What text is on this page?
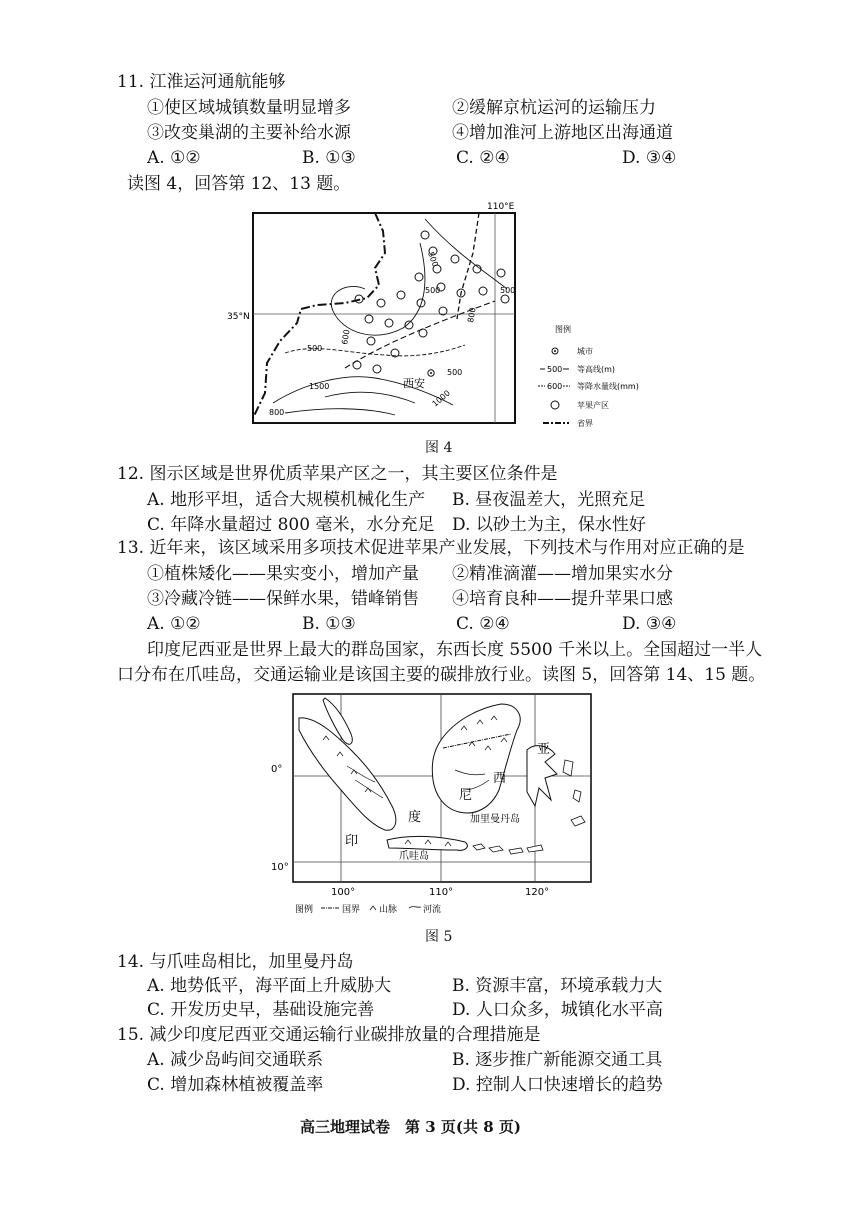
11. 江淮运河通航能够
①使区域城镇数量明显增多	②缓解京杭运河的运输压力
③改变巢湖的主要补给水源	④增加淮河上游地区出海通道
A. ①②	B. ①③	C. ②④	D. ③④
读图 4，回答第 12、13 题。
110°E
35°N
500
500	500
500
800
600
1500
1000
800
500
西安
图例
城市
500 等高线(m)
600 等降水量线(mm)
苹果产区
省界
图 4
12. 图示区域是世界优质苹果产区之一，其主要区位条件是
A. 地形平坦，适合大规模机械化生产 B. 昼夜温差大，光照充足
C. 年降水量超过 800 毫米，水分充足 D. 以砂土为主，保水性好
13. 近年来，该区域采用多项技术促进苹果产业发展，下列技术与作用对应正确的是
①植株矮化——果实变小，增加产量 ②精准滴灌——增加果实水分
③冷藏冷链——保鲜水果，错峰销售 ④培育良种——提升苹果口感
A. ①②	B. ①③	C. ②④	D. ③④
印度尼西亚是世界上最大的群岛国家，东西长度 5500 千米以上。全国超过一半人
口分布在爪哇岛，交通运输业是该国主要的碳排放行业。读图 5，回答第 14、15 题。
0°
10°
100°	110°	120°
印
度
尼
西
亚
加里曼丹岛
爪哇岛
图例	国界 山脉	河流
图 5
14. 与爪哇岛相比，加里曼丹岛
A. 地势低平，海平面上升威胁大	B. 资源丰富，环境承载力大
C. 开发历史早，基础设施完善	D. 人口众多，城镇化水平高
15. 减少印度尼西亚交通运输行业碳排放量的合理措施是
A. 减少岛屿间交通联系	B. 逐步推广新能源交通工具
C. 增加森林植被覆盖率	D. 控制人口快速增长的趋势
高三地理试卷　第 3 页(共 8 页)
